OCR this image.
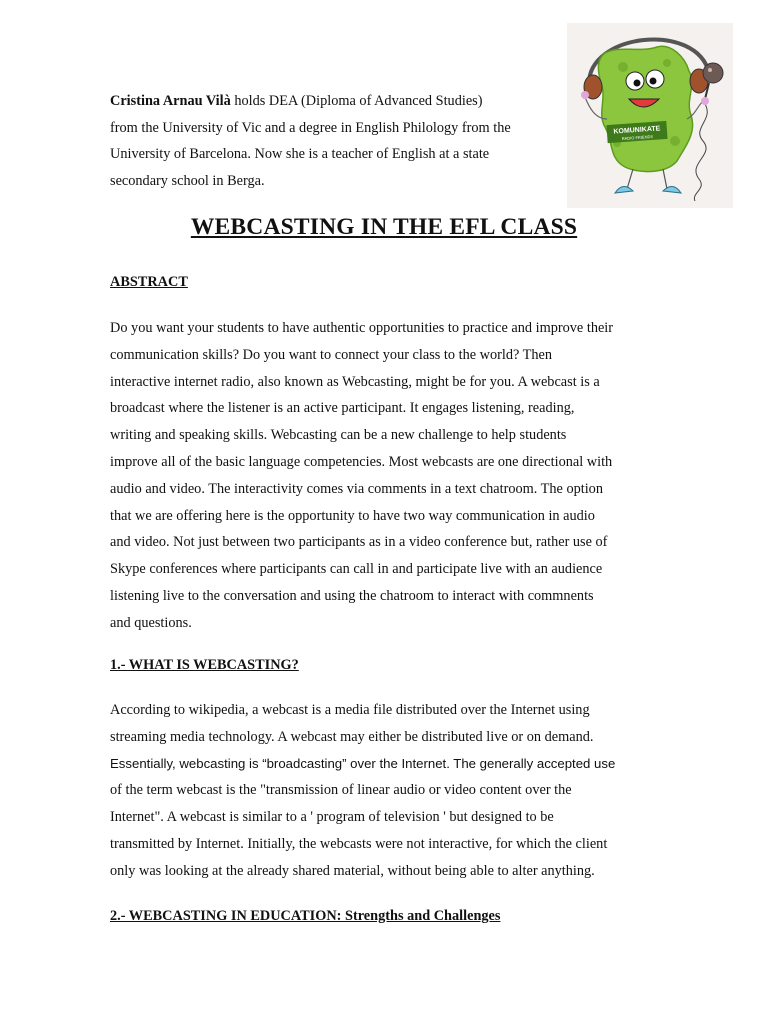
Cristina Arnau Vilà holds DEA (Diploma of Advanced Studies)

from the University of Vic and a degree in English Philology from the

University of Barcelona. Now she is a teacher of English at a state

secondary school in Berga.

KOMUNIKATE
RADIO FRIENDS
WEBCASTING IN THE EFL CLASS
ABSTRACT

Do you want your students to have authentic opportunities to practice and improve their

communication skills? Do you want to connect your class to the world? Then

interactive internet radio, also known as Webcasting, might be for you. A webcast is a

broadcast where the listener is an active participant. It engages listening, reading,

writing and speaking skills. Webcasting can be a new challenge to help students

improve all of the basic language competencies. Most webcasts are one directional with

audio and video. The interactivity comes via comments in a text chatroom. The option

that we are offering here is the opportunity to have two way communication in audio

and video. Not just between two participants as in a video conference but, rather use of

Skype conferences where participants can call in and participate live with an audience

listening live to the conversation and using the chatroom to interact with commnents

and questions.

1.- WHAT IS WEBCASTING?

According to wikipedia, a webcast is a media file distributed over the Internet using

streaming media technology. A webcast may either be distributed live or on demand.

Essentially, webcasting is “broadcasting” over the Internet. The generally accepted use

of the term webcast is the "transmission of linear audio or video content over the

Internet". A webcast is similar to a ' program of television ' but designed to be

transmitted by Internet. Initially, the webcasts were not interactive, for which the client

only was looking at the already shared material, without being able to alter anything.

2.- WEBCASTING IN EDUCATION: Strengths and Challenges
